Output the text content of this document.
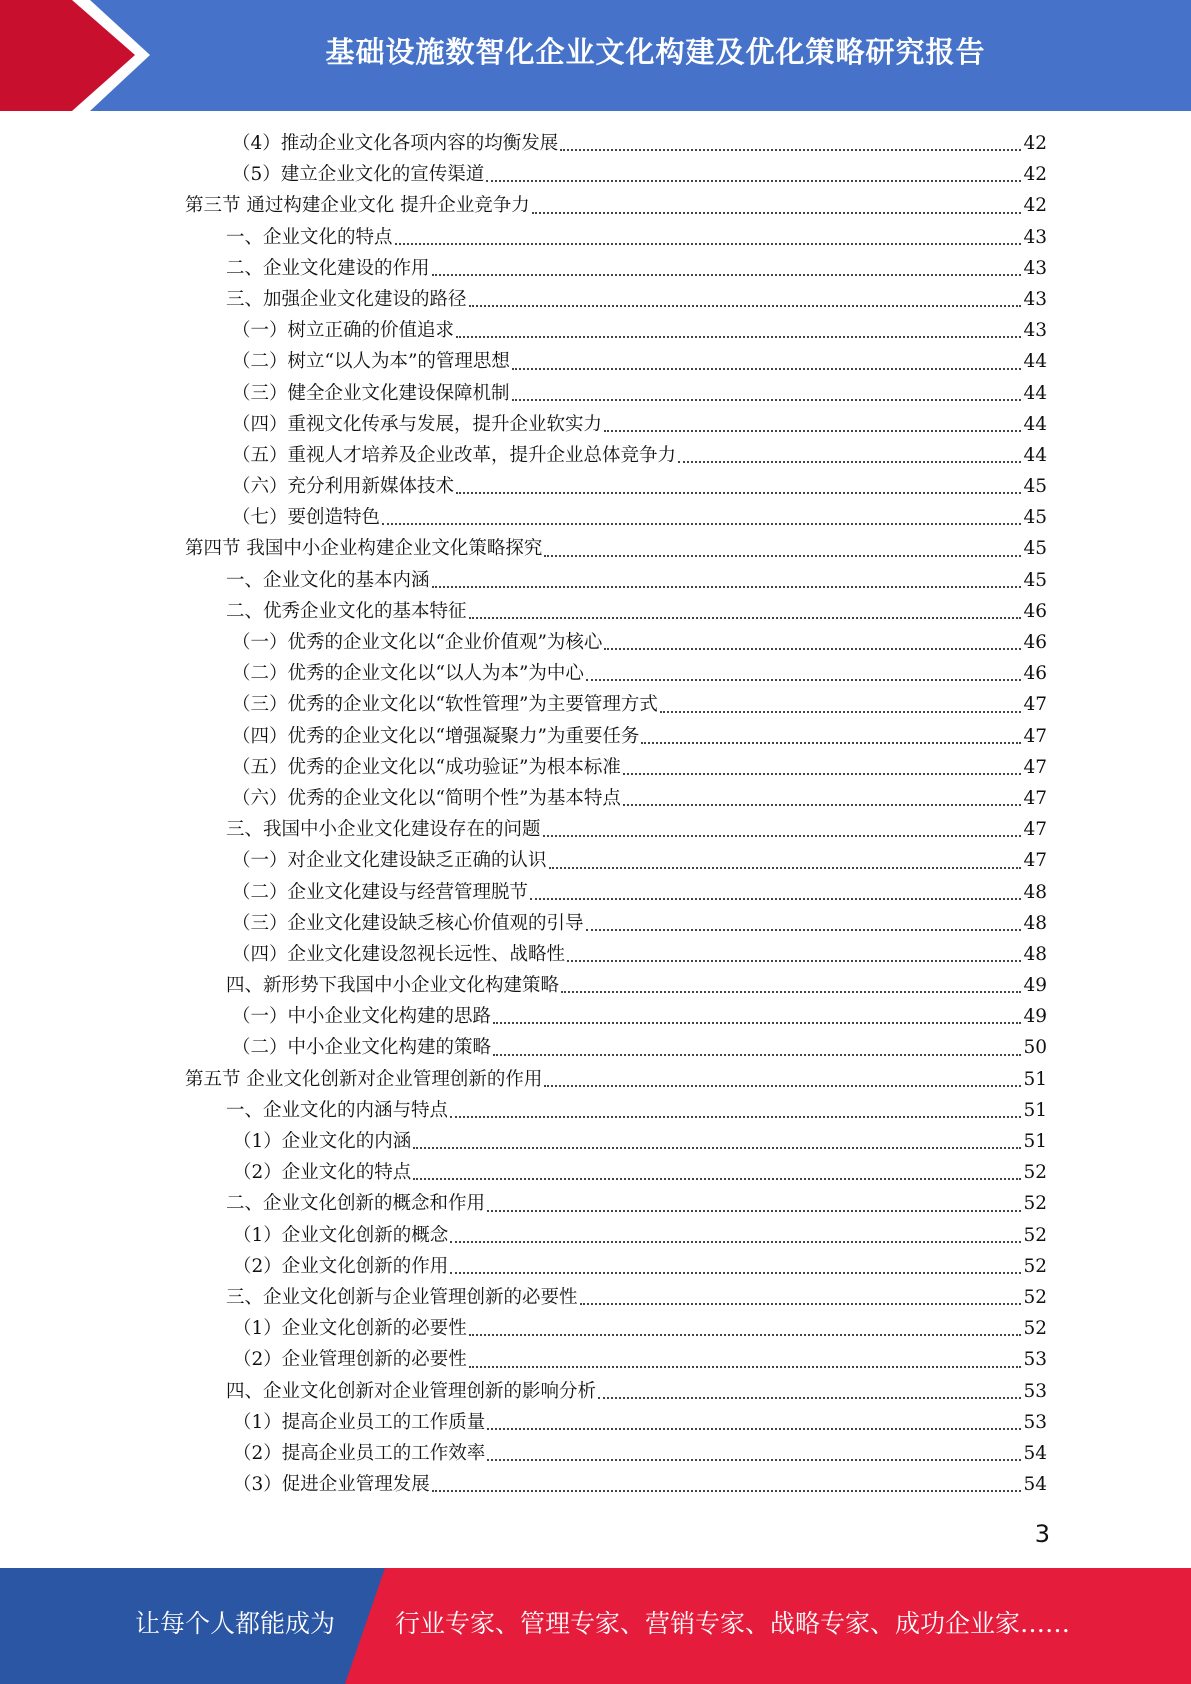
基础设施数智化企业文化构建及优化策略研究报告
（4）推动企业文化各项内容的均衡发展	42
（5）建立企业文化的宣传渠道	42
第三节 通过构建企业文化 提升企业竞争力	42
一、企业文化的特点	43
二、企业文化建设的作用	43
三、加强企业文化建设的路径	43
（一）树立正确的价值追求	43
（二）树立“以人为本”的管理思想	44
（三）健全企业文化建设保障机制	44
（四）重视文化传承与发展，提升企业软实力	44
（五）重视人才培养及企业改革，提升企业总体竞争力	44
（六）充分利用新媒体技术	45
（七）要创造特色	45
第四节 我国中小企业构建企业文化策略探究	45
一、企业文化的基本内涵	45
二、优秀企业文化的基本特征	46
（一）优秀的企业文化以“企业价值观”为核心	46
（二）优秀的企业文化以“以人为本”为中心	46
（三）优秀的企业文化以“软性管理”为主要管理方式	47
（四）优秀的企业文化以“增强凝聚力”为重要任务	47
（五）优秀的企业文化以“成功验证”为根本标准	47
（六）优秀的企业文化以“简明个性”为基本特点	47
三、我国中小企业文化建设存在的问题	47
（一）对企业文化建设缺乏正确的认识	47
（二）企业文化建设与经营管理脱节	48
（三）企业文化建设缺乏核心价值观的引导	48
（四）企业文化建设忽视长远性、战略性	48
四、新形势下我国中小企业文化构建策略	49
（一）中小企业文化构建的思路	49
（二）中小企业文化构建的策略	50
第五节 企业文化创新对企业管理创新的作用	51
一、企业文化的内涵与特点	51
（1）企业文化的内涵	51
（2）企业文化的特点	52
二、企业文化创新的概念和作用	52
（1）企业文化创新的概念	52
（2）企业文化创新的作用	52
三、企业文化创新与企业管理创新的必要性	52
（1）企业文化创新的必要性	52
（2）企业管理创新的必要性	53
四、企业文化创新对企业管理创新的影响分析	53
（1）提高企业员工的工作质量	53
（2）提高企业员工的工作效率	54
（3）促进企业管理发展	54
3
让每个人都能成为	行业专家、管理专家、营销专家、战略专家、成功企业家……
